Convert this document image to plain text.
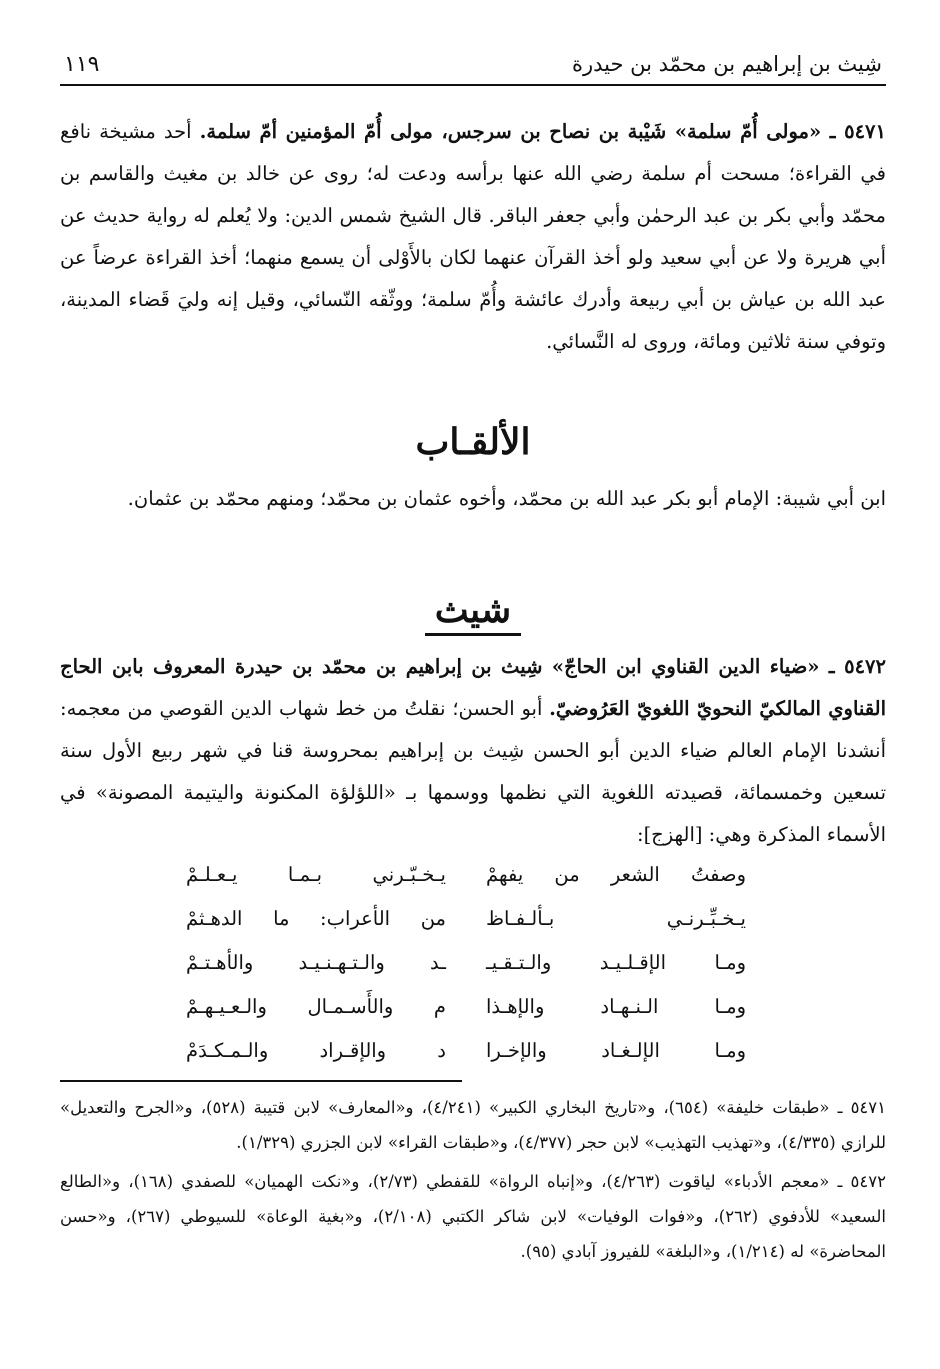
شِيث بن إبراهيم بن محمّد بن حيدرة
١١٩

٥٤٧١ ـ «مولى أُمّ سلمة» شَيْبة بن نصاح بن سرجس، مولى أُمّ المؤمنين أمّ سلمة. أحد مشيخة نافع في القراءة؛ مسحت أم سلمة رضي الله عنها برأسه ودعت له؛ روى عن خالد بن مغيث والقاسم بن محمّد وأبي بكر بن عبد الرحمٰن وأبي جعفر الباقر. قال الشيخ شمس الدين: ولا يُعلم له رواية حديث عن أبي هريرة ولا عن أبي سعيد ولو أخذ القرآن عنهما لكان بالأَوْلى أن يسمع منهما؛ أخذ القراءة عرضاً عن عبد الله بن عياش بن أبي ربيعة وأدرك عائشة وأُمّ سلمة؛ ووثّقه النّسائي، وقيل إنه وليَ قَضاء المدينة، وتوفي سنة ثلاثين ومائة، وروى له النَّسائي.

الألقـاب

ابن أبي شيبة: الإمام أبو بكر عبد الله بن محمّد، وأخوه عثمان بن محمّد؛ ومنهم محمّد بن عثمان.

شيث

٥٤٧٢ ـ «ضياء الدين القناوي ابن الحاجّ» شِيث بن إبراهيم بن محمّد بن حيدرة المعروف بابن الحاج القناوي المالكيّ النحويّ اللغويّ العَرُوضيّ. أبو الحسن؛ نقلتُ من خط شهاب الدين القوصي من معجمه: أنشدنا الإمام العالم ضياء الدين أبو الحسن شِيث بن إبراهيم بمحروسة قنا في شهر ربيع الأول سنة تسعين وخمسمائة، قصيدته اللغوية التي نظمها ووسمها بـ «اللؤلؤة المكنونة واليتيمة المصونة» في الأسماء المذكرة وهي: [الهزج]:

وصفتُ الشعر من يفهمْ
يـخـبّـرني بـمـا يـعـلـمْ
يـخـبِّـرنـي بـألـفـاظ
من الأعراب: ما الدهـثمْ
ومـا الإقـلـيـد والـتـقـيـ
ـد والـتـهـنـيـد والأهـتـمْ
ومـا الـنـهـاد والإهـذا
م والأَسـمـال والـعـيـهـمْ
ومـا الإلـغـاد والإخـرا
د والإقـراد والـمـكـدَمْ

٥٤٧١ ـ «طبقات خليفة» (٦٥٤)، و«تاريخ البخاري الكبير» (٤/٢٤١)، و«المعارف» لابن قتيبة (٥٢٨)، و«الجرح والتعديل» للرازي (٤/٣٣٥)، و«تهذيب التهذيب» لابن حجر (٤/٣٧٧)، و«طبقات القراء» لابن الجزري (١/٣٢٩).

٥٤٧٢ ـ «معجم الأدباء» لياقوت (٤/٢٦٣)، و«إنباه الرواة» للقفطي (٢/٧٣)، و«نكت الهميان» للصفدي (١٦٨)، و«الطالع السعيد» للأدفوي (٢٦٢)، و«فوات الوفيات» لابن شاكر الكتبي (٢/١٠٨)، و«بغية الوعاة» للسيوطي (٢٦٧)، و«حسن المحاضرة» له (١/٢١٤)، و«البلغة» للفيروز آبادي (٩٥).
